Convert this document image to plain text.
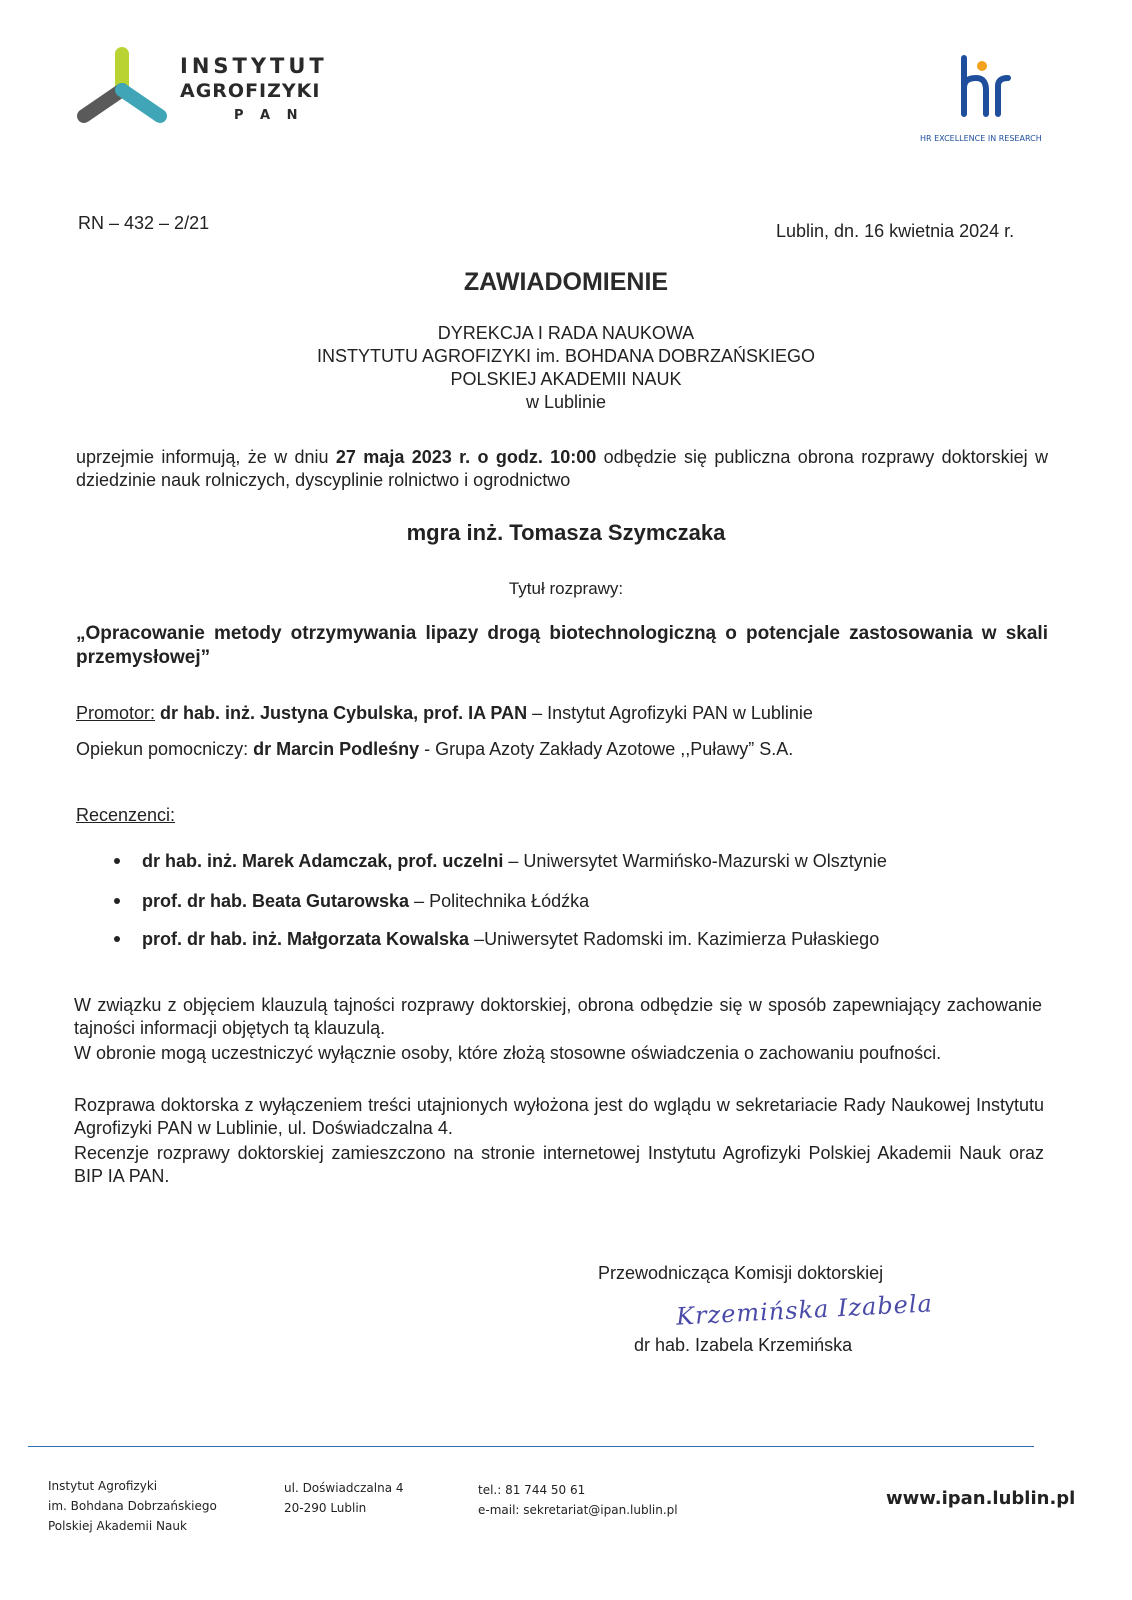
INSTYTUT
AGROFIZYKI
P A N
HR EXCELLENCE IN RESEARCH
RN – 432 – 2/21	Lublin, dn. 16 kwietnia 2024 r.
ZAWIADOMIENIE
DYREKCJA I RADA NAUKOWA
INSTYTUTU AGROFIZYKI im. BOHDANA DOBRZAŃSKIEGO
POLSKIEJ AKADEMII NAUK
w Lublinie
uprzejmie informują, że w dniu 27 maja 2023 r. o godz. 10:00 odbędzie się publiczna obrona rozprawy doktorskiej w dziedzinie nauk rolniczych, dyscyplinie rolnictwo i ogrodnictwo
mgra inż. Tomasza Szymczaka
Tytuł rozprawy:
„Opracowanie metody otrzymywania lipazy drogą biotechnologiczną o potencjale zastosowania w skali przemysłowej”
Promotor: dr hab. inż. Justyna Cybulska, prof. IA PAN – Instytut Agrofizyki PAN w Lublinie
Opiekun pomocniczy: dr Marcin Podleśny - Grupa Azoty Zakłady Azotowe ,,Puławy” S.A.
Recenzenci:
dr hab. inż. Marek Adamczak, prof. uczelni – Uniwersytet Warmińsko-Mazurski w Olsztynie
prof. dr hab. Beata Gutarowska – Politechnika Łódźka
prof. dr hab. inż. Małgorzata Kowalska –Uniwersytet Radomski im. Kazimierza Pułaskiego
W związku z objęciem klauzulą tajności rozprawy doktorskiej, obrona odbędzie się w sposób zapewniający zachowanie tajności informacji objętych tą klauzulą.
W obronie mogą uczestniczyć wyłącznie osoby, które złożą stosowne oświadczenia o zachowaniu poufności.
Rozprawa doktorska z wyłączeniem treści utajnionych wyłożona jest do wglądu w sekretariacie Rady Naukowej Instytutu Agrofizyki PAN w Lublinie, ul. Doświadczalna 4.
Recenzje rozprawy doktorskiej zamieszczono na stronie internetowej Instytutu Agrofizyki Polskiej Akademii Nauk oraz BIP IA PAN.
Przewodnicząca Komisji doktorskiej
Krzemińska Izabela
dr hab. Izabela Krzemińska
Instytut Agrofizyki
im. Bohdana Dobrzańskiego
Polskiej Akademii Nauk
ul. Doświadczalna 4
20-290 Lublin
tel.: 81 744 50 61
e-mail: sekretariat@ipan.lublin.pl
www.ipan.lublin.pl
